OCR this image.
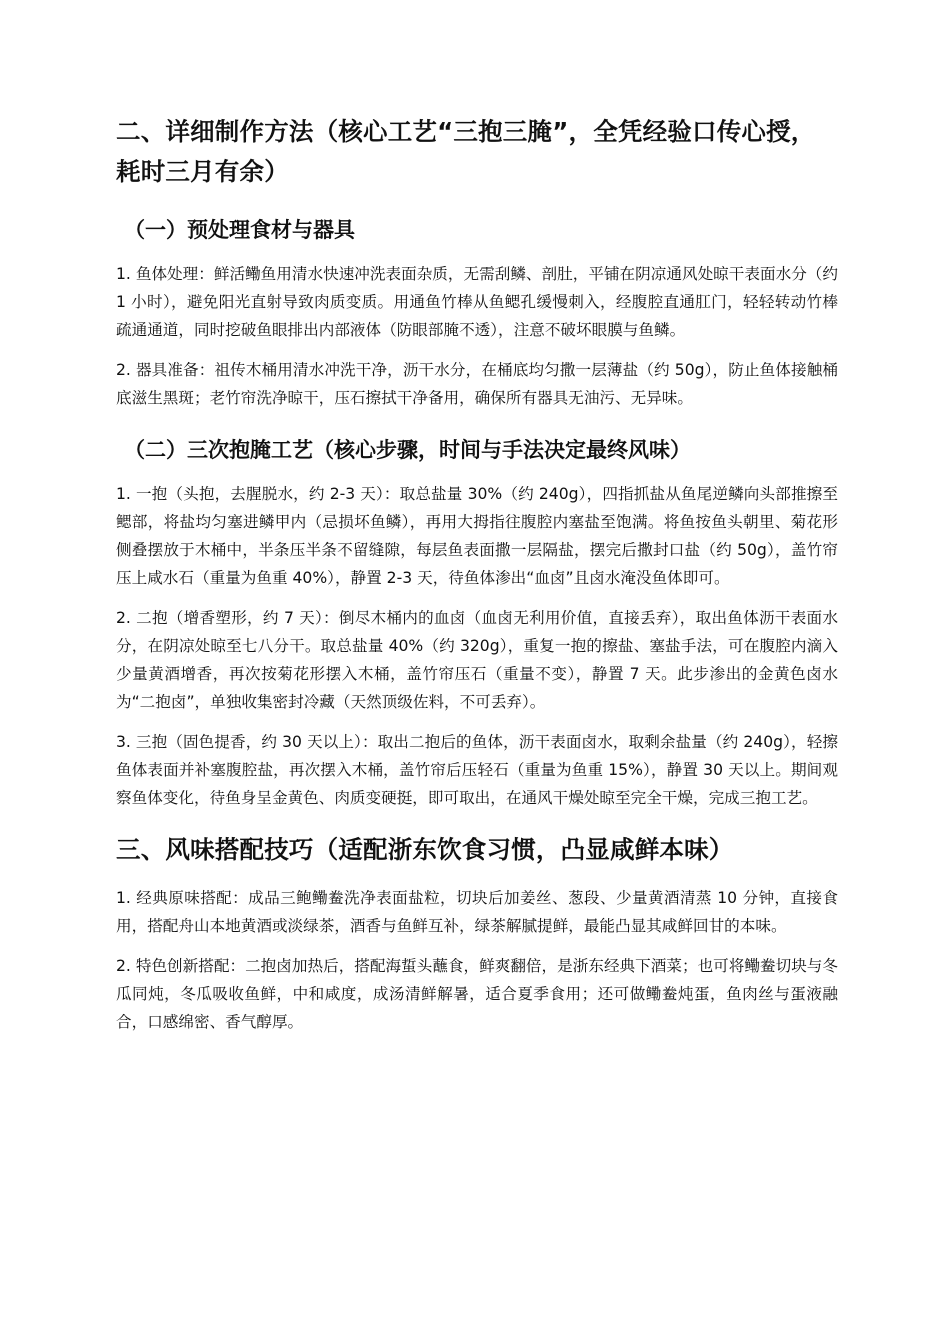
二、详细制作方法（核心工艺“三抱三腌”，全凭经验口传心授，耗时三月有余）
（一）预处理食材与器具

1. 鱼体处理：鲜活鳓鱼用清水快速冲洗表面杂质，无需刮鳞、剖肚，平铺在阴凉通风处晾干表面水分（约 1 小时），避免阳光直射导致肉质变质。用通鱼竹棒从鱼鳃孔缓慢刺入，经腹腔直通肛门，轻轻转动竹棒疏通通道，同时挖破鱼眼排出内部液体（防眼部腌不透），注意不破坏眼膜与鱼鳞。

2. 器具准备：祖传木桶用清水冲洗干净，沥干水分，在桶底均匀撒一层薄盐（约 50g），防止鱼体接触桶底滋生黑斑；老竹帘洗净晾干，压石擦拭干净备用，确保所有器具无油污、无异味。

（二）三次抱腌工艺（核心步骤，时间与手法决定最终风味）

1. 一抱（头抱，去腥脱水，约 2-3 天）：取总盐量 30%（约 240g），四指抓盐从鱼尾逆鳞向头部推擦至鳃部，将盐均匀塞进鳞甲内（忌损坏鱼鳞），再用大拇指往腹腔内塞盐至饱满。将鱼按鱼头朝里、菊花形侧叠摆放于木桶中，半条压半条不留缝隙，每层鱼表面撒一层隔盐，摆完后撒封口盐（约 50g），盖竹帘压上咸水石（重量为鱼重 40%），静置 2-3 天，待鱼体渗出“血卤”且卤水淹没鱼体即可。

2. 二抱（增香塑形，约 7 天）：倒尽木桶内的血卤（血卤无利用价值，直接丢弃），取出鱼体沥干表面水分，在阴凉处晾至七八分干。取总盐量 40%（约 320g），重复一抱的擦盐、塞盐手法，可在腹腔内滴入少量黄酒增香，再次按菊花形摆入木桶，盖竹帘压石（重量不变），静置 7 天。此步渗出的金黄色卤水为“二抱卤”，单独收集密封冷藏（天然顶级佐料，不可丢弃）。

3. 三抱（固色提香，约 30 天以上）：取出二抱后的鱼体，沥干表面卤水，取剩余盐量（约 240g），轻擦鱼体表面并补塞腹腔盐，再次摆入木桶，盖竹帘后压轻石（重量为鱼重 15%），静置 30 天以上。期间观察鱼体变化，待鱼身呈金黄色、肉质变硬挺，即可取出，在通风干燥处晾至完全干燥，完成三抱工艺。

三、风味搭配技巧（适配浙东饮食习惯，凸显咸鲜本味）

1. 经典原味搭配：成品三鲍鳓鲞洗净表面盐粒，切块后加姜丝、葱段、少量黄酒清蒸 10 分钟，直接食用，搭配舟山本地黄酒或淡绿茶，酒香与鱼鲜互补，绿茶解腻提鲜，最能凸显其咸鲜回甘的本味。

2. 特色创新搭配：二抱卤加热后，搭配海蜇头蘸食，鲜爽翻倍，是浙东经典下酒菜；也可将鳓鲞切块与冬瓜同炖，冬瓜吸收鱼鲜，中和咸度，成汤清鲜解暑，适合夏季食用；还可做鳓鲞炖蛋，鱼肉丝与蛋液融合，口感绵密、香气醇厚。
